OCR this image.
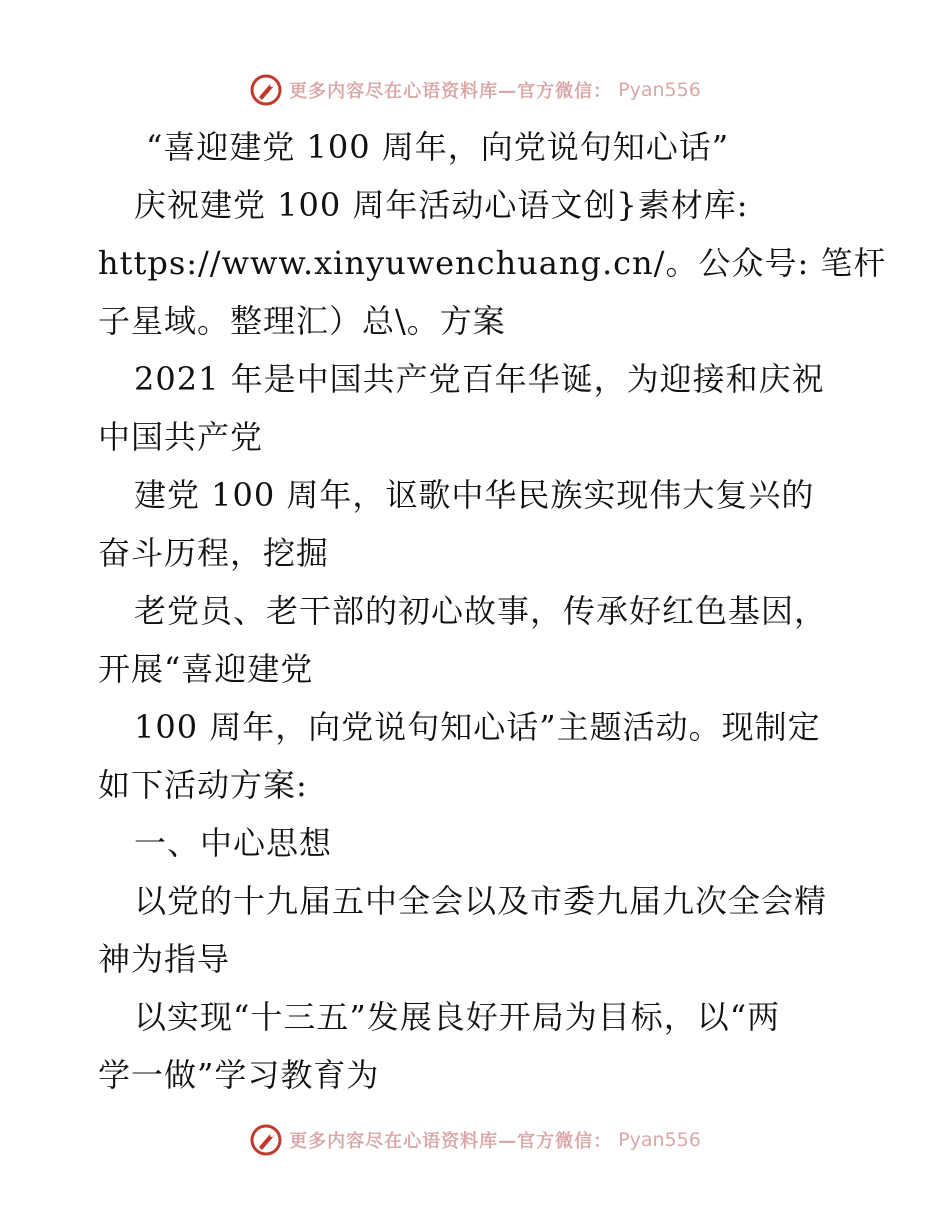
更多内容尽在心语资料库—官方微信： Pyan556
“喜迎建党 100 周年，向党说句知心话”
庆祝建党 100 周年活动心语文创}素材库:
https://www.xinyuwenchuang.cn/。公众号: 笔杆
子星域。整理汇）总\。方案
2021 年是中国共产党百年华诞，为迎接和庆祝
中国共产党
建党 100 周年，讴歌中华民族实现伟大复兴的
奋斗历程，挖掘
老党员、老干部的初心故事，传承好红色基因，
开展“喜迎建党
100 周年，向党说句知心话”主题活动。现制定
如下活动方案:
一、中心思想
以党的十九届五中全会以及市委九届九次全会精
神为指导
以实现“十三五”发展良好开局为目标，以“两
学一做”学习教育为
更多内容尽在心语资料库—官方微信： Pyan556
